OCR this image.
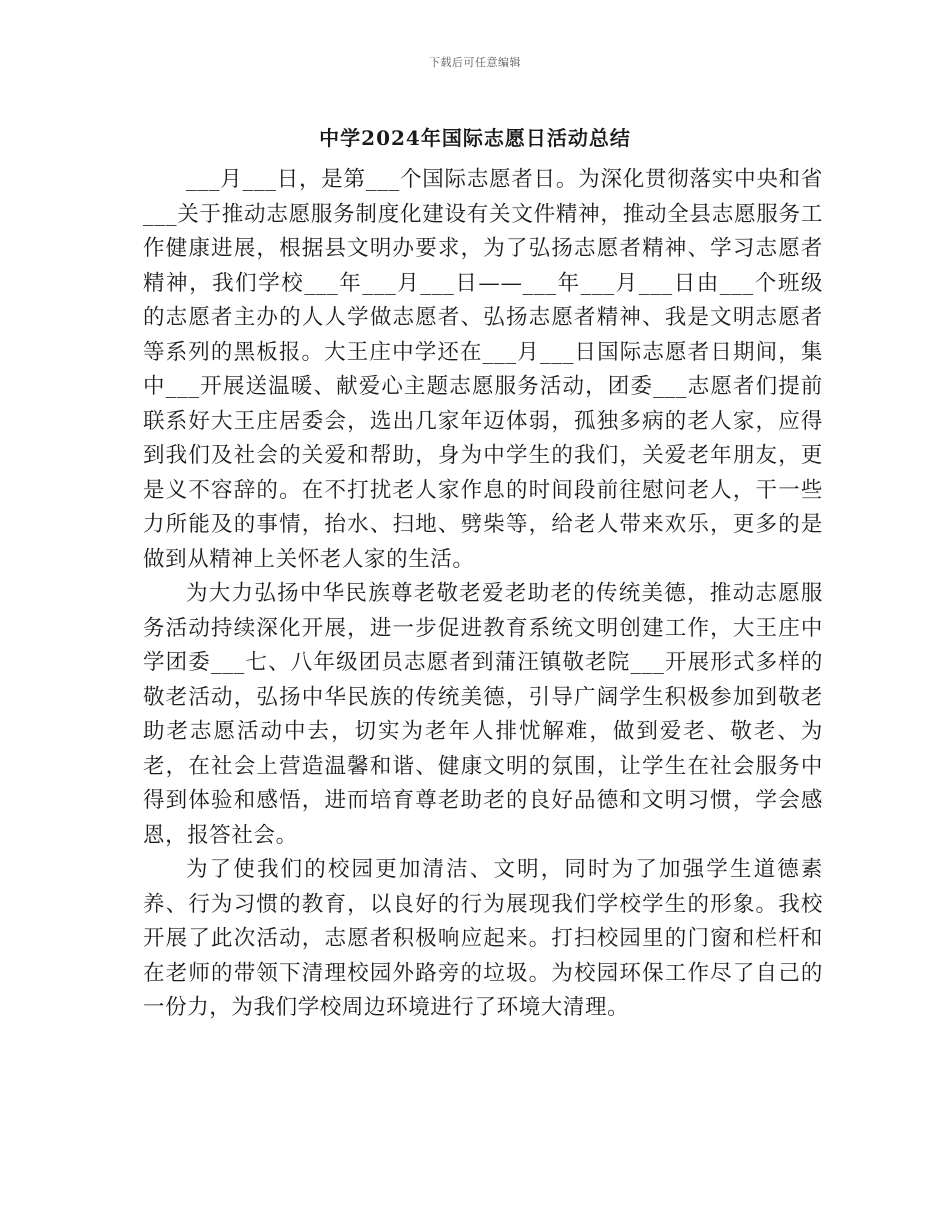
下载后可任意编辑
中学2024年国际志愿日活动总结

___月___日，是第___个国际志愿者日。为深化贯彻落实中央和省___关于推动志愿服务制度化建设有关文件精神，推动全县志愿服务工作健康进展，根据县文明办要求，为了弘扬志愿者精神、学习志愿者精神，我们学校___年___月___日——___年___月___日由___个班级的志愿者主办的人人学做志愿者、弘扬志愿者精神、我是文明志愿者等系列的黑板报。大王庄中学还在___月___日国际志愿者日期间，集中___开展送温暖、献爱心主题志愿服务活动，团委___志愿者们提前联系好大王庄居委会，选出几家年迈体弱，孤独多病的老人家，应得到我们及社会的关爱和帮助，身为中学生的我们，关爱老年朋友，更是义不容辞的。在不打扰老人家作息的时间段前往慰问老人，干一些力所能及的事情，抬水、扫地、劈柴等，给老人带来欢乐，更多的是做到从精神上关怀老人家的生活。

为大力弘扬中华民族尊老敬老爱老助老的传统美德，推动志愿服务活动持续深化开展，进一步促进教育系统文明创建工作，大王庄中学团委___七、八年级团员志愿者到蒲汪镇敬老院___开展形式多样的敬老活动，弘扬中华民族的传统美德，引导广阔学生积极参加到敬老助老志愿活动中去，切实为老年人排忧解难，做到爱老、敬老、为老，在社会上营造温馨和谐、健康文明的氛围，让学生在社会服务中得到体验和感悟，进而培育尊老助老的良好品德和文明习惯，学会感恩，报答社会。

为了使我们的校园更加清洁、文明，同时为了加强学生道德素养、行为习惯的教育，以良好的行为展现我们学校学生的形象。我校开展了此次活动，志愿者积极响应起来。打扫校园里的门窗和栏杆和在老师的带领下清理校园外路旁的垃圾。为校园环保工作尽了自己的一份力，为我们学校周边环境进行了环境大清理。
